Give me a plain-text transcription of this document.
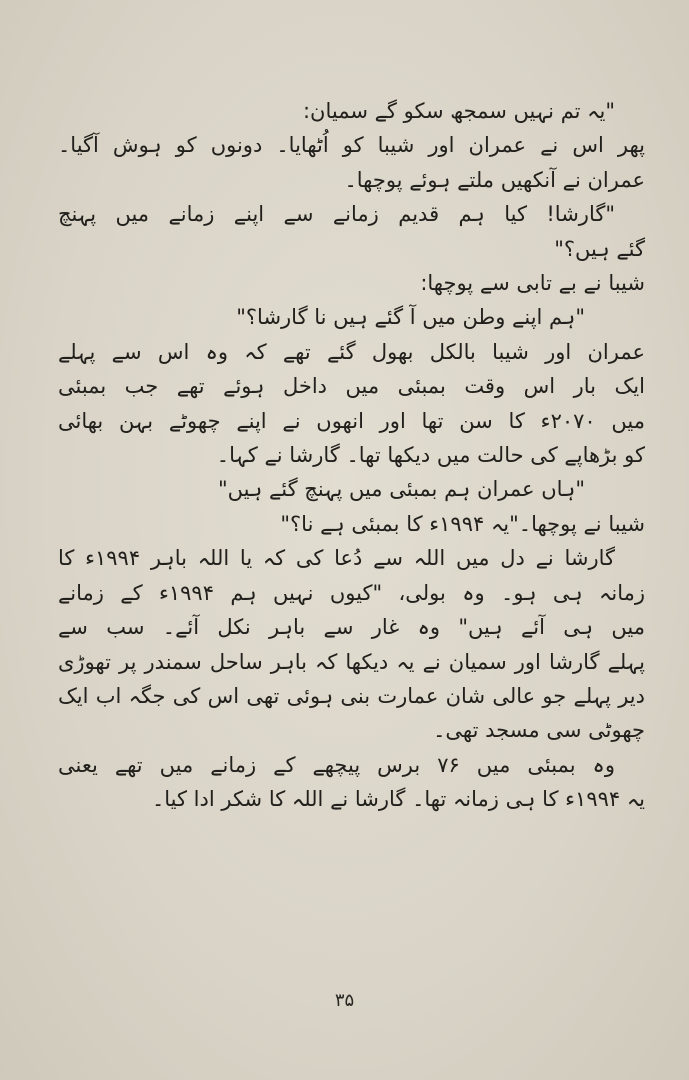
"یہ تم نہیں سمجھ سکو گے سمیان:
پھر اس نے عمران اور شیبا کو اُٹھایا۔ دونوں کو ہوش آگیا۔
عمران نے آنکھیں ملتے ہوئے پوچھا۔
"گارشا! کیا ہم قدیم زمانے سے اپنے زمانے میں پہنچ
گئے ہیں؟"
شیبا نے بے تابی سے پوچھا:
"ہم اپنے وطن میں آ گئے ہیں نا گارشا؟"
عمران اور شیبا بالکل بھول گئے تھے کہ وہ اس سے پہلے
ایک بار اس وقت بمبئی میں داخل ہوئے تھے جب بمبئی
میں ۲۰۷۰ء کا سن تھا اور انھوں نے اپنے چھوٹے بہن بھائی
کو بڑھاپے کی حالت میں دیکھا تھا۔ گارشا نے کہا۔
"ہاں عمران ہم بمبئی میں پہنچ گئے ہیں"
شیبا نے پوچھا۔"یہ ۱۹۹۴ء کا بمبئی ہے نا؟"
گارشا نے دل میں اللہ سے دُعا کی کہ یا اللہ باہر ۱۹۹۴ء کا
زمانہ ہی ہو۔ وہ بولی، "کیوں نہیں ہم ۱۹۹۴ء کے زمانے
میں ہی آئے ہیں" وہ غار سے باہر نکل آئے۔ سب سے
پہلے گارشا اور سمیان نے یہ دیکھا کہ باہر ساحل سمندر پر تھوڑی
دیر پہلے جو عالی شان عمارت بنی ہوئی تھی اس کی جگہ اب ایک
چھوٹی سی مسجد تھی۔
وہ بمبئی میں ۷۶ برس پیچھے کے زمانے میں تھے یعنی
یہ ۱۹۹۴ء کا ہی زمانہ تھا۔ گارشا نے اللہ کا شکر ادا کیا۔
۳۵
